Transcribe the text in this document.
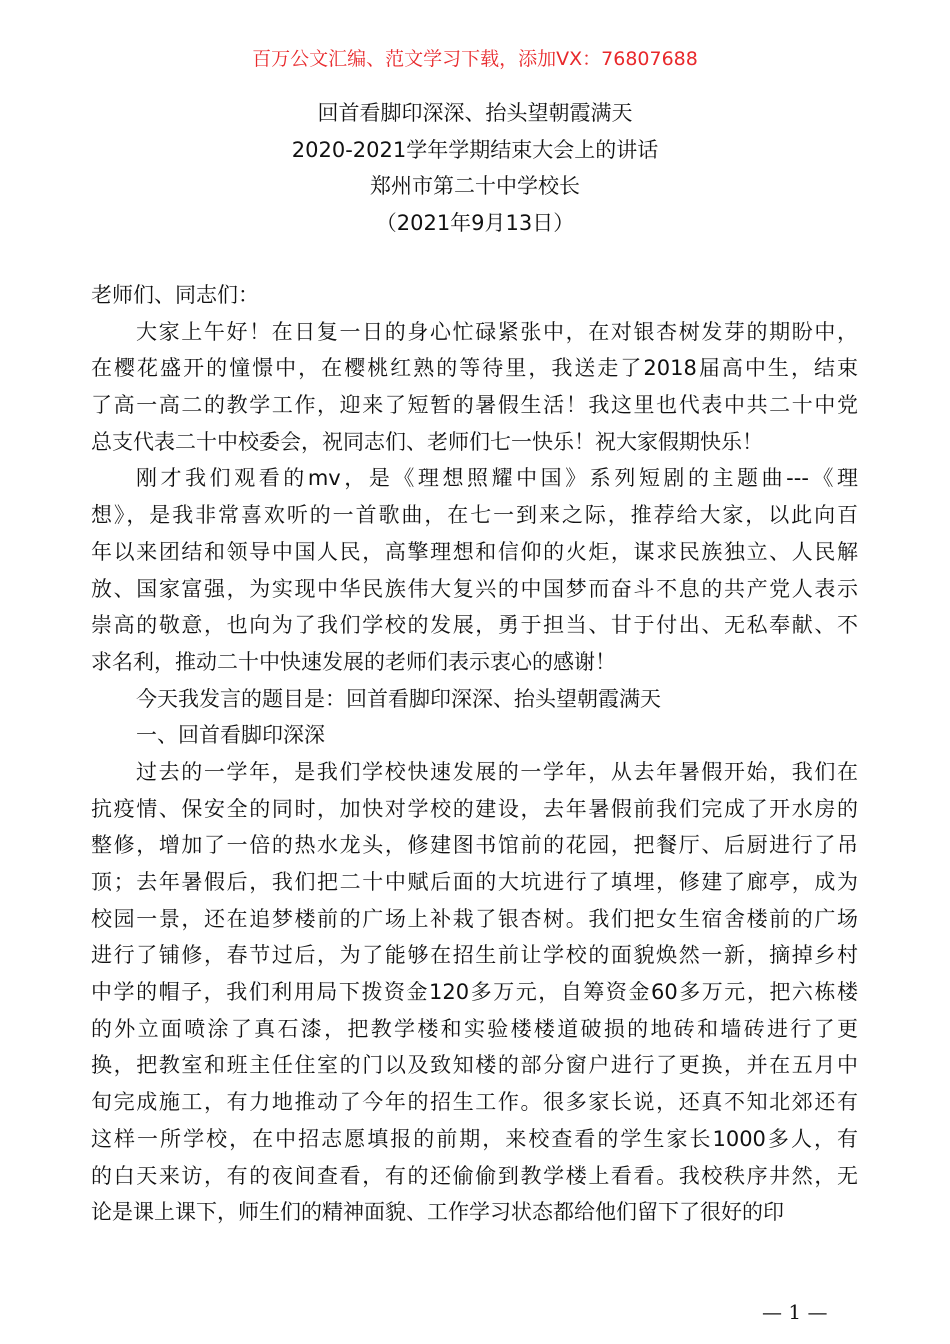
百万公文汇编、范文学习下载，添加VX：76807688
回首看脚印深深、抬头望朝霞满天
2020-2021学年学期结束大会上的讲话
郑州市第二十中学校长
（2021年9月13日）
老师们、同志们：
大家上午好！在日复一日的身心忙碌紧张中，在对银杏树发芽的期盼中，
在樱花盛开的憧憬中，在樱桃红熟的等待里，我送走了2018届高中生，结束
了高一高二的教学工作，迎来了短暂的暑假生活！我这里也代表中共二十中党
总支代表二十中校委会，祝同志们、老师们七一快乐！祝大家假期快乐！
刚才我们观看的mv，是《理想照耀中国》系列短剧的主题曲---《理
想》，是我非常喜欢听的一首歌曲，在七一到来之际，推荐给大家，以此向百
年以来团结和领导中国人民，高擎理想和信仰的火炬，谋求民族独立、人民解
放、国家富强，为实现中华民族伟大复兴的中国梦而奋斗不息的共产党人表示
崇高的敬意，也向为了我们学校的发展，勇于担当、甘于付出、无私奉献、不
求名利，推动二十中快速发展的老师们表示衷心的感谢！
今天我发言的题目是：回首看脚印深深、抬头望朝霞满天
一、回首看脚印深深
过去的一学年，是我们学校快速发展的一学年，从去年暑假开始，我们在
抗疫情、保安全的同时，加快对学校的建设，去年暑假前我们完成了开水房的
整修，增加了一倍的热水龙头，修建图书馆前的花园，把餐厅、后厨进行了吊
顶；去年暑假后，我们把二十中赋后面的大坑进行了填埋，修建了廊亭，成为
校园一景，还在追梦楼前的广场上补栽了银杏树。我们把女生宿舍楼前的广场
进行了铺修，春节过后，为了能够在招生前让学校的面貌焕然一新，摘掉乡村
中学的帽子，我们利用局下拨资金120多万元，自筹资金60多万元，把六栋楼
的外立面喷涂了真石漆，把教学楼和实验楼楼道破损的地砖和墙砖进行了更
换，把教室和班主任住室的门以及致知楼的部分窗户进行了更换，并在五月中
旬完成施工，有力地推动了今年的招生工作。很多家长说，还真不知北郊还有
这样一所学校，在中招志愿填报的前期，来校查看的学生家长1000多人，有
的白天来访，有的夜间查看，有的还偷偷到教学楼上看看。我校秩序井然，无
论是课上课下，师生们的精神面貌、工作学习状态都给他们留下了很好的印
— 1 —
